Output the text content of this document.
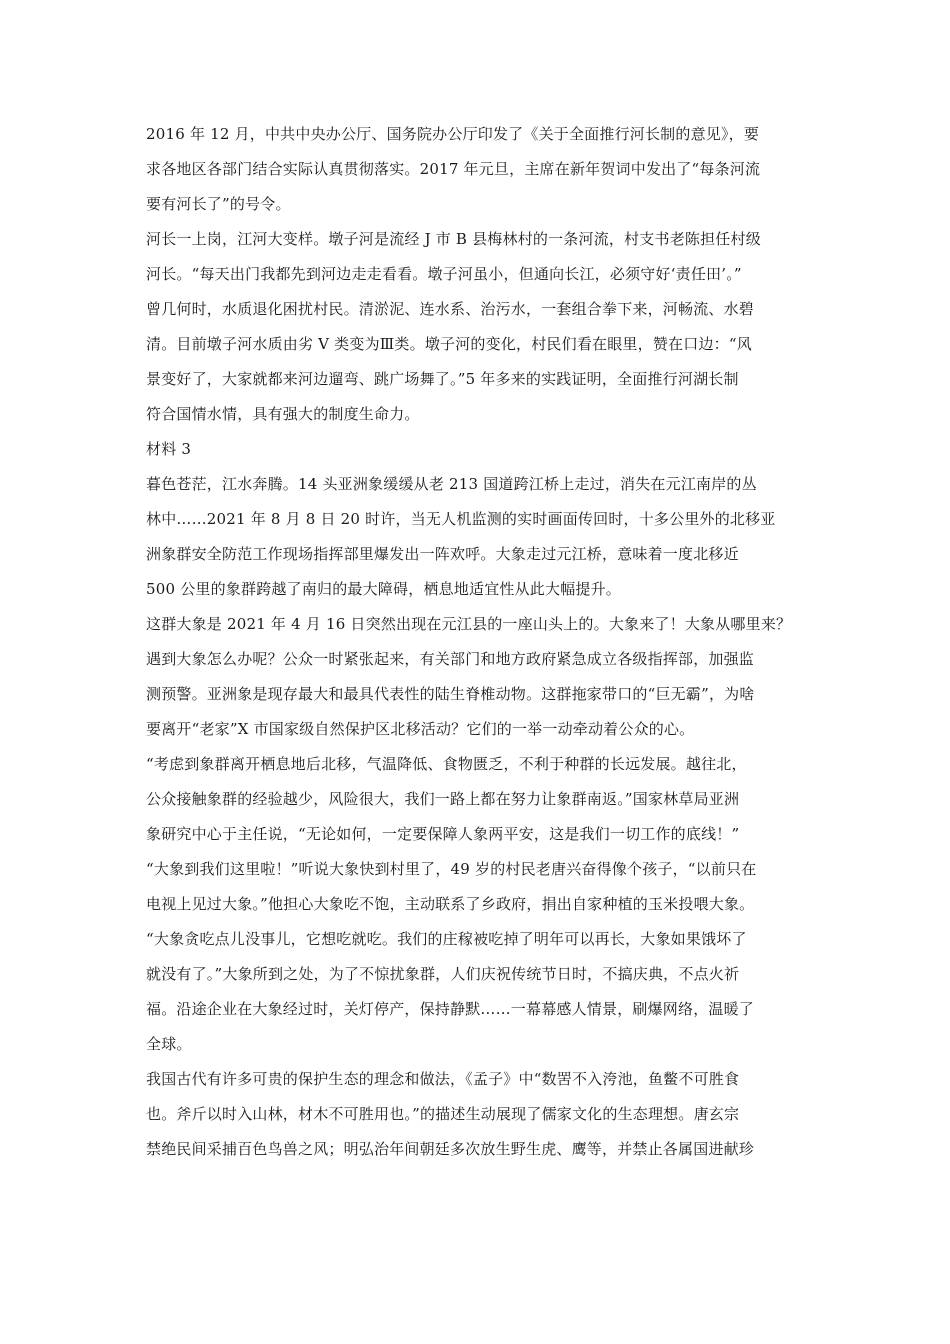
2016 年 12 月，中共中央办公厅、国务院办公厅印发了《关于全面推行河长制的意见》，要
求各地区各部门结合实际认真贯彻落实。2017 年元旦，主席在新年贺词中发出了“每条河流
要有河长了”的号令。
河长一上岗，江河大变样。墩子河是流经 J 市 B 县梅林村的一条河流，村支书老陈担任村级
河长。“每天出门我都先到河边走走看看。墩子河虽小，但通向长江，必须守好‘责任田’。”
曾几何时，水质退化困扰村民。清淤泥、连水系、治污水，一套组合拳下来，河畅流、水碧
清。目前墩子河水质由劣 V 类变为Ⅲ类。墩子河的变化，村民们看在眼里，赞在口边：“风
景变好了，大家就都来河边遛弯、跳广场舞了。”5 年多来的实践证明，全面推行河湖长制
符合国情水情，具有强大的制度生命力。
材料 3
暮色苍茫，江水奔腾。14 头亚洲象缓缓从老 213 国道跨江桥上走过，消失在元江南岸的丛
林中……2021 年 8 月 8 日 20 时许，当无人机监测的实时画面传回时，十多公里外的北移亚
洲象群安全防范工作现场指挥部里爆发出一阵欢呼。大象走过元江桥，意味着一度北移近
500 公里的象群跨越了南归的最大障碍，栖息地适宜性从此大幅提升。
这群大象是 2021 年 4 月 16 日突然出现在元江县的一座山头上的。大象来了！大象从哪里来？
遇到大象怎么办呢？公众一时紧张起来，有关部门和地方政府紧急成立各级指挥部，加强监
测预警。亚洲象是现存最大和最具代表性的陆生脊椎动物。这群拖家带口的“巨无霸”，为啥
要离开“老家”X 市国家级自然保护区北移活动？它们的一举一动牵动着公众的心。
“考虑到象群离开栖息地后北移，气温降低、食物匮乏，不利于种群的长远发展。越往北，
公众接触象群的经验越少，风险很大，我们一路上都在努力让象群南返。”国家林草局亚洲
象研究中心于主任说，“无论如何，一定要保障人象两平安，这是我们一切工作的底线！”
“大象到我们这里啦！”听说大象快到村里了，49 岁的村民老唐兴奋得像个孩子，“以前只在
电视上见过大象。”他担心大象吃不饱，主动联系了乡政府，捐出自家种植的玉米投喂大象。
“大象贪吃点儿没事儿，它想吃就吃。我们的庄稼被吃掉了明年可以再长，大象如果饿坏了
就没有了。”大象所到之处，为了不惊扰象群，人们庆祝传统节日时，不搞庆典，不点火祈
福。沿途企业在大象经过时，关灯停产，保持静默……一幕幕感人情景，刷爆网络，温暖了
全球。
我国古代有许多可贵的保护生态的理念和做法，《孟子》中“数罟不入洿池，鱼鳖不可胜食
也。斧斤以时入山林，材木不可胜用也。”的描述生动展现了儒家文化的生态理想。唐玄宗
禁绝民间采捕百色鸟兽之风；明弘治年间朝廷多次放生野生虎、鹰等，并禁止各属国进献珍
